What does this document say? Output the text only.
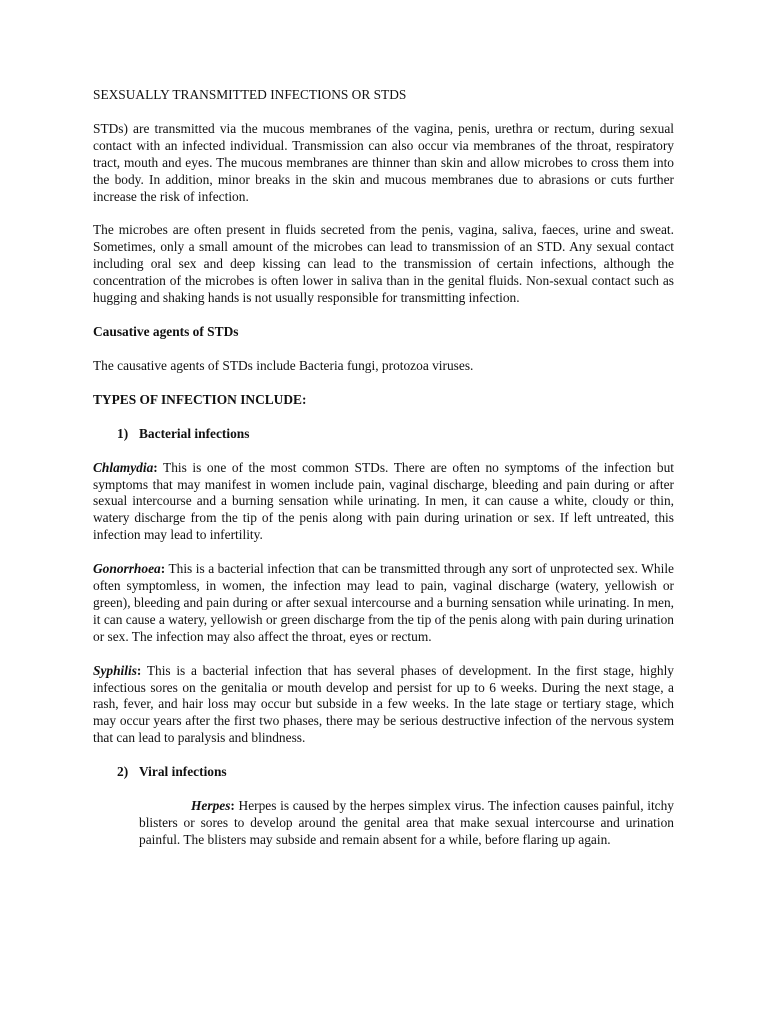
SEXSUALLY TRANSMITTED INFECTIONS OR STDS

STDs) are transmitted via the mucous membranes of the vagina, penis, urethra or rectum, during sexual contact with an infected individual. Transmission can also occur via membranes of the throat, respiratory tract, mouth and eyes. The mucous membranes are thinner than skin and allow microbes to cross them into the body. In addition, minor breaks in the skin and mucous membranes due to abrasions or cuts further increase the risk of infection.

The microbes are often present in fluids secreted from the penis, vagina, saliva, faeces, urine and sweat. Sometimes, only a small amount of the microbes can lead to transmission of an STD. Any sexual contact including oral sex and deep kissing can lead to the transmission of certain infections, although the concentration of the microbes is often lower in saliva than in the genital fluids. Non-sexual contact such as hugging and shaking hands is not usually responsible for transmitting infection.

Causative agents of STDs

The causative agents of STDs include Bacteria fungi, protozoa viruses.

TYPES OF INFECTION INCLUDE:

1) Bacterial infections

Chlamydia: This is one of the most common STDs. There are often no symptoms of the infection but symptoms that may manifest in women include pain, vaginal discharge, bleeding and pain during or after sexual intercourse and a burning sensation while urinating. In men, it can cause a white, cloudy or thin, watery discharge from the tip of the penis along with pain during urination or sex. If left untreated, this infection may lead to infertility.

Gonorrhoea: This is a bacterial infection that can be transmitted through any sort of unprotected sex. While often symptomless, in women, the infection may lead to pain, vaginal discharge (watery, yellowish or green), bleeding and pain during or after sexual intercourse and a burning sensation while urinating. In men, it can cause a watery, yellowish or green discharge from the tip of the penis along with pain during urination or sex. The infection may also affect the throat, eyes or rectum.

Syphilis: This is a bacterial infection that has several phases of development. In the first stage, highly infectious sores on the genitalia or mouth develop and persist for up to 6 weeks. During the next stage, a rash, fever, and hair loss may occur but subside in a few weeks. In the late stage or tertiary stage, which may occur years after the first two phases, there may be serious destructive infection of the nervous system that can lead to paralysis and blindness.

2) Viral infections

Herpes: Herpes is caused by the herpes simplex virus. The infection causes painful, itchy blisters or sores to develop around the genital area that make sexual intercourse and urination painful. The blisters may subside and remain absent for a while, before flaring up again.
